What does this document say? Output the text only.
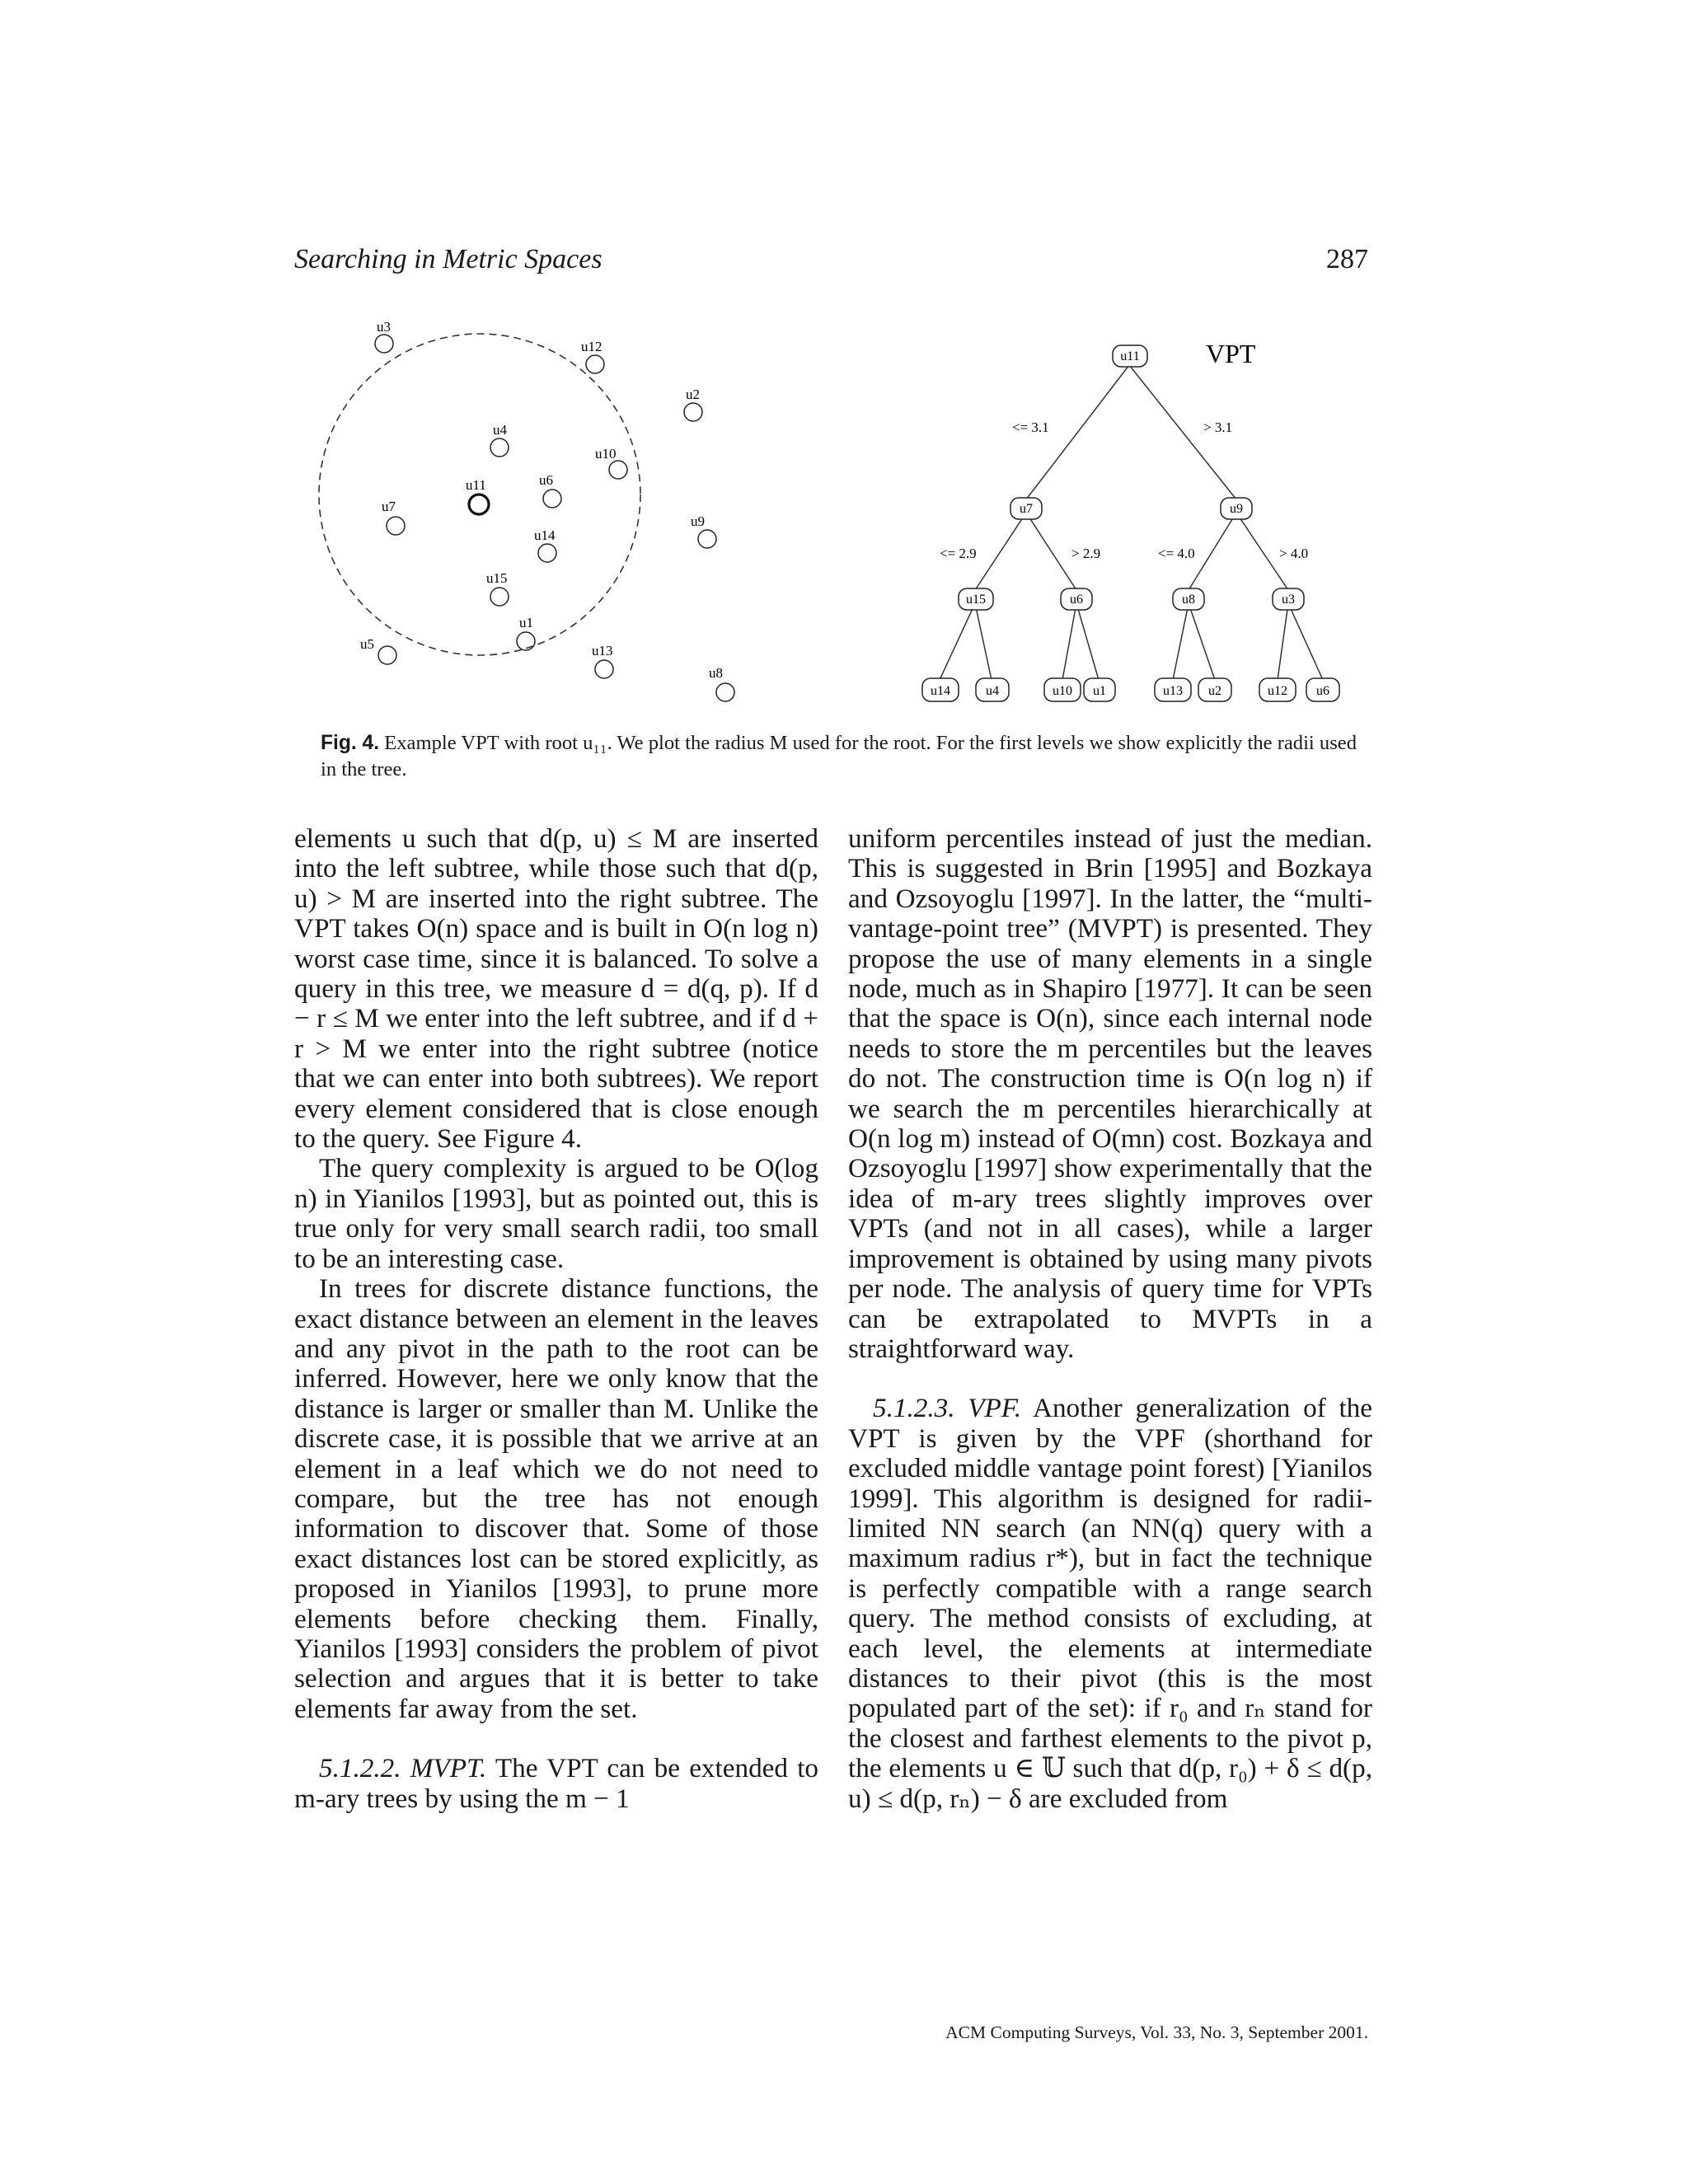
Searching in Metric Spaces	287
u3
u12
u2
u4
u10
u11	u6
u7
u14
u9
u15
u1
u5	u13
u8
VPT
<= 3.1	> 3.1
<= 2.9	> 2.9	<= 4.0	> 4.0
u11
u7	u9
u15	u6	u8	u3
u14	u4	u10 u1	u13 u2	u12 u6
Fig. 4. Example VPT with root u₁₁. We plot the radius M used for the root. For the first levels we show explicitly the radii used in the tree.

elements u such that d(p, u) ≤ M are inserted into the left subtree, while those such that d(p, u) > M are inserted into the right subtree. The VPT takes O(n) space and is built in O(n log n) worst case time, since it is balanced. To solve a query in this tree, we measure d = d(q, p). If d − r ≤ M we enter into the left subtree, and if d + r > M we enter into the right subtree (notice that we can enter into both subtrees). We report every element considered that is close enough to the query. See Figure 4.

The query complexity is argued to be O(log n) in Yianilos [1993], but as pointed out, this is true only for very small search radii, too small to be an interesting case.

In trees for discrete distance functions, the exact distance between an element in the leaves and any pivot in the path to the root can be inferred. However, here we only know that the distance is larger or smaller than M. Unlike the discrete case, it is possible that we arrive at an element in a leaf which we do not need to compare, but the tree has not enough information to discover that. Some of those exact distances lost can be stored explicitly, as proposed in Yianilos [1993], to prune more elements before checking them. Finally, Yianilos [1993] considers the problem of pivot selection and argues that it is better to take elements far away from the set.

5.1.2.2. MVPT. The VPT can be extended to m-ary trees by using the m − 1

uniform percentiles instead of just the median. This is suggested in Brin [1995] and Bozkaya and Ozsoyoglu [1997]. In the latter, the “multi-vantage-point tree” (MVPT) is presented. They propose the use of many elements in a single node, much as in Shapiro [1977]. It can be seen that the space is O(n), since each internal node needs to store the m percentiles but the leaves do not. The construction time is O(n log n) if we search the m percentiles hierarchically at O(n log m) instead of O(mn) cost. Bozkaya and Ozsoyoglu [1997] show experimentally that the idea of m-ary trees slightly improves over VPTs (and not in all cases), while a larger improvement is obtained by using many pivots per node. The analysis of query time for VPTs can be extrapolated to MVPTs in a straightforward way.

5.1.2.3. VPF. Another generalization of the VPT is given by the VPF (shorthand for excluded middle vantage point forest) [Yianilos 1999]. This algorithm is designed for radii-limited NN search (an NN(q) query with a maximum radius r*), but in fact the technique is perfectly compatible with a range search query. The method consists of excluding, at each level, the elements at intermediate distances to their pivot (this is the most populated part of the set): if r₀ and rₙ stand for the closest and farthest elements to the pivot p, the elements u ∈ 𝕌 such that d(p, r₀) + δ ≤ d(p, u) ≤ d(p, rₙ) − δ are excluded from

ACM Computing Surveys, Vol. 33, No. 3, September 2001.
